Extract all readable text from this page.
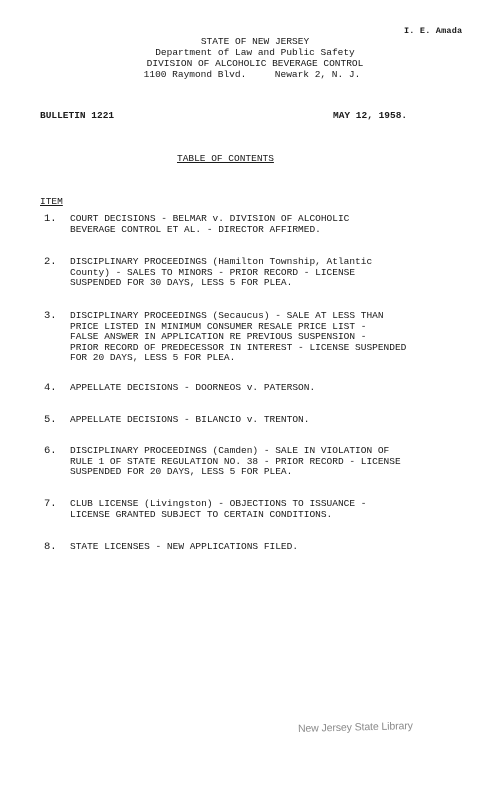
I. E. Amada
STATE OF NEW JERSEY
Department of Law and Public Safety
DIVISION OF ALCOHOLIC BEVERAGE CONTROL
1100 Raymond Blvd.     Newark 2, N. J.
BULLETIN 1221	MAY 12, 1958.
TABLE OF CONTENTS
ITEM
1. COURT DECISIONS - BELMAR v. DIVISION OF ALCOHOLIC
BEVERAGE CONTROL ET AL. - DIRECTOR AFFIRMED.
2. DISCIPLINARY PROCEEDINGS (Hamilton Township, Atlantic
County) - SALES TO MINORS - PRIOR RECORD - LICENSE
SUSPENDED FOR 30 DAYS, LESS 5 FOR PLEA.
3. DISCIPLINARY PROCEEDINGS (Secaucus) - SALE AT LESS THAN
PRICE LISTED IN MINIMUM CONSUMER RESALE PRICE LIST -
FALSE ANSWER IN APPLICATION RE PREVIOUS SUSPENSION -
PRIOR RECORD OF PREDECESSOR IN INTEREST - LICENSE SUSPENDED
FOR 20 DAYS, LESS 5 FOR PLEA.
4. APPELLATE DECISIONS - DOORNEOS v. PATERSON.
5. APPELLATE DECISIONS - BILANCIO v. TRENTON.
6. DISCIPLINARY PROCEEDINGS (Camden) - SALE IN VIOLATION OF
RULE 1 OF STATE REGULATION NO. 38 - PRIOR RECORD - LICENSE
SUSPENDED FOR 20 DAYS, LESS 5 FOR PLEA.
7. CLUB LICENSE (Livingston) - OBJECTIONS TO ISSUANCE -
LICENSE GRANTED SUBJECT TO CERTAIN CONDITIONS.
8. STATE LICENSES - NEW APPLICATIONS FILED.
New Jersey State Library
